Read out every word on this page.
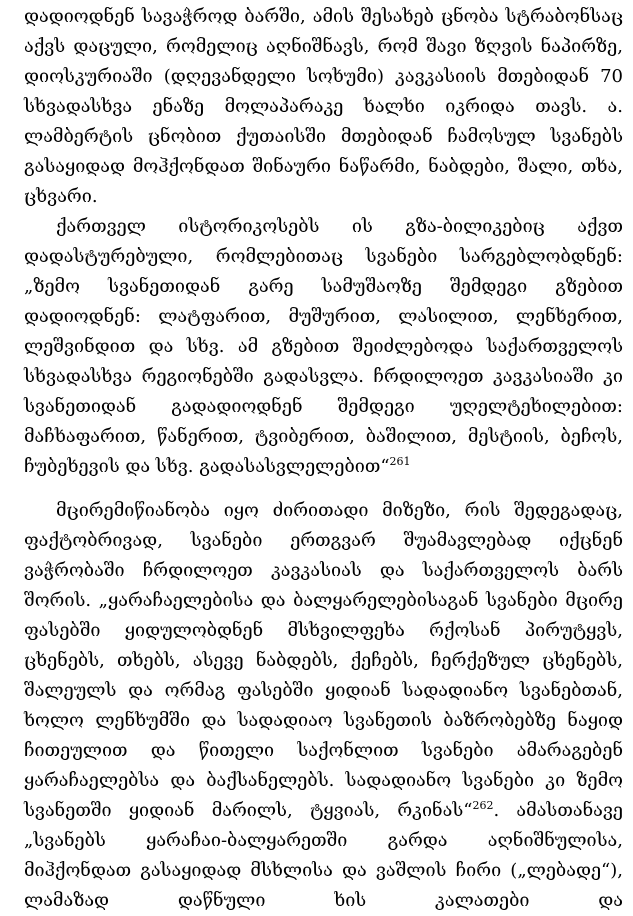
დადიოდნენ სავაჭროდ ბარში, ამის შესახებ ცნობა სტრაბონსაც აქვს დაცული, რომელიც აღნიშნავს, რომ შავი ზღვის ნაპირზე, დიოსკურიაში (დღევანდელი სოხუმი) კავკასიის მთებიდან 70 სხვადასხვა ენაზე მოლაპარაკე ხალხი იკრიდა თავს. ა. ლამბერტის ცნობით ქუთაისში მთებიდან ჩამოსულ სვანებს გასაყიდად მოჰქონდათ შინაური ნაწარმი, ნაბდები, შალი, თხა, ცხვარი.

ქართველ ისტორიკოსებს ის გზა-ბილიკებიც აქვთ დადასტურებული, რომლებითაც სვანები სარგებლობდნენ: „ზემო სვანეთიდან გარე სამუშაოზე შემდეგი გზებით დადიოდნენ: ლატფარით, მუშურით, ლასილით, ლენხერით, ლეშვინდით და სხვ. ამ გზებით შეიძლებოდა საქართველოს სხვადასხვა რეგიონებში გადასვლა. ჩრდილოეთ კავკასიაში კი სვანეთიდან გადადიოდნენ შემდეგი უღელტეხილებით: მაჩხაფარით, წანერით, ტვიბერით, ბაშილით, მესტიის, ბეჩოს, ჩუბეხევის და სხვ. გადასასვლელებით“$^{261}$

მცირემიწიანობა იყო ძირითადი მიზეზი, რის შედეგადაც, ფაქტობრივად, სვანები ერთგვარ შუამავლებად იქცნენ ვაჭრობაში ჩრდილოეთ კავკასიას და საქართველოს ბარს შორის. „ყარაჩაელებისა და ბალყარელებისაგან სვანები მცირე ფასებში ყიდულობდნენ მსხვილფეხა რქოსან პირუტყვს, ცხენებს, თხებს, ასევე ნაბდებს, ქეჩებს, ჩერქეზულ ცხენებს, შალეულს და ორმაგ ფასებში ყიდიან სადადიანო სვანებთან, ხოლო ლენხუმში და სადადიაო სვანეთის ბაზრობებზე ნაყიდ ჩითეულით და წითელი საქონლით სვანები ამარაგებენ ყარაჩაელებსა და ბაქსანელებს. სადადიანო სვანები კი ზემო სვანეთში ყიდიან მარილს, ტყვიას, რკინას“$^{262}$. ამასთანავე „სვანებს ყარაჩაი-ბალყარეთში გარდა აღნიშნულისა, მიჰქონდათ გასაყიდად მსხლისა და ვაშლის ჩირი („ლებადე“), ლამაზად დაწნული ხის კალათები და
